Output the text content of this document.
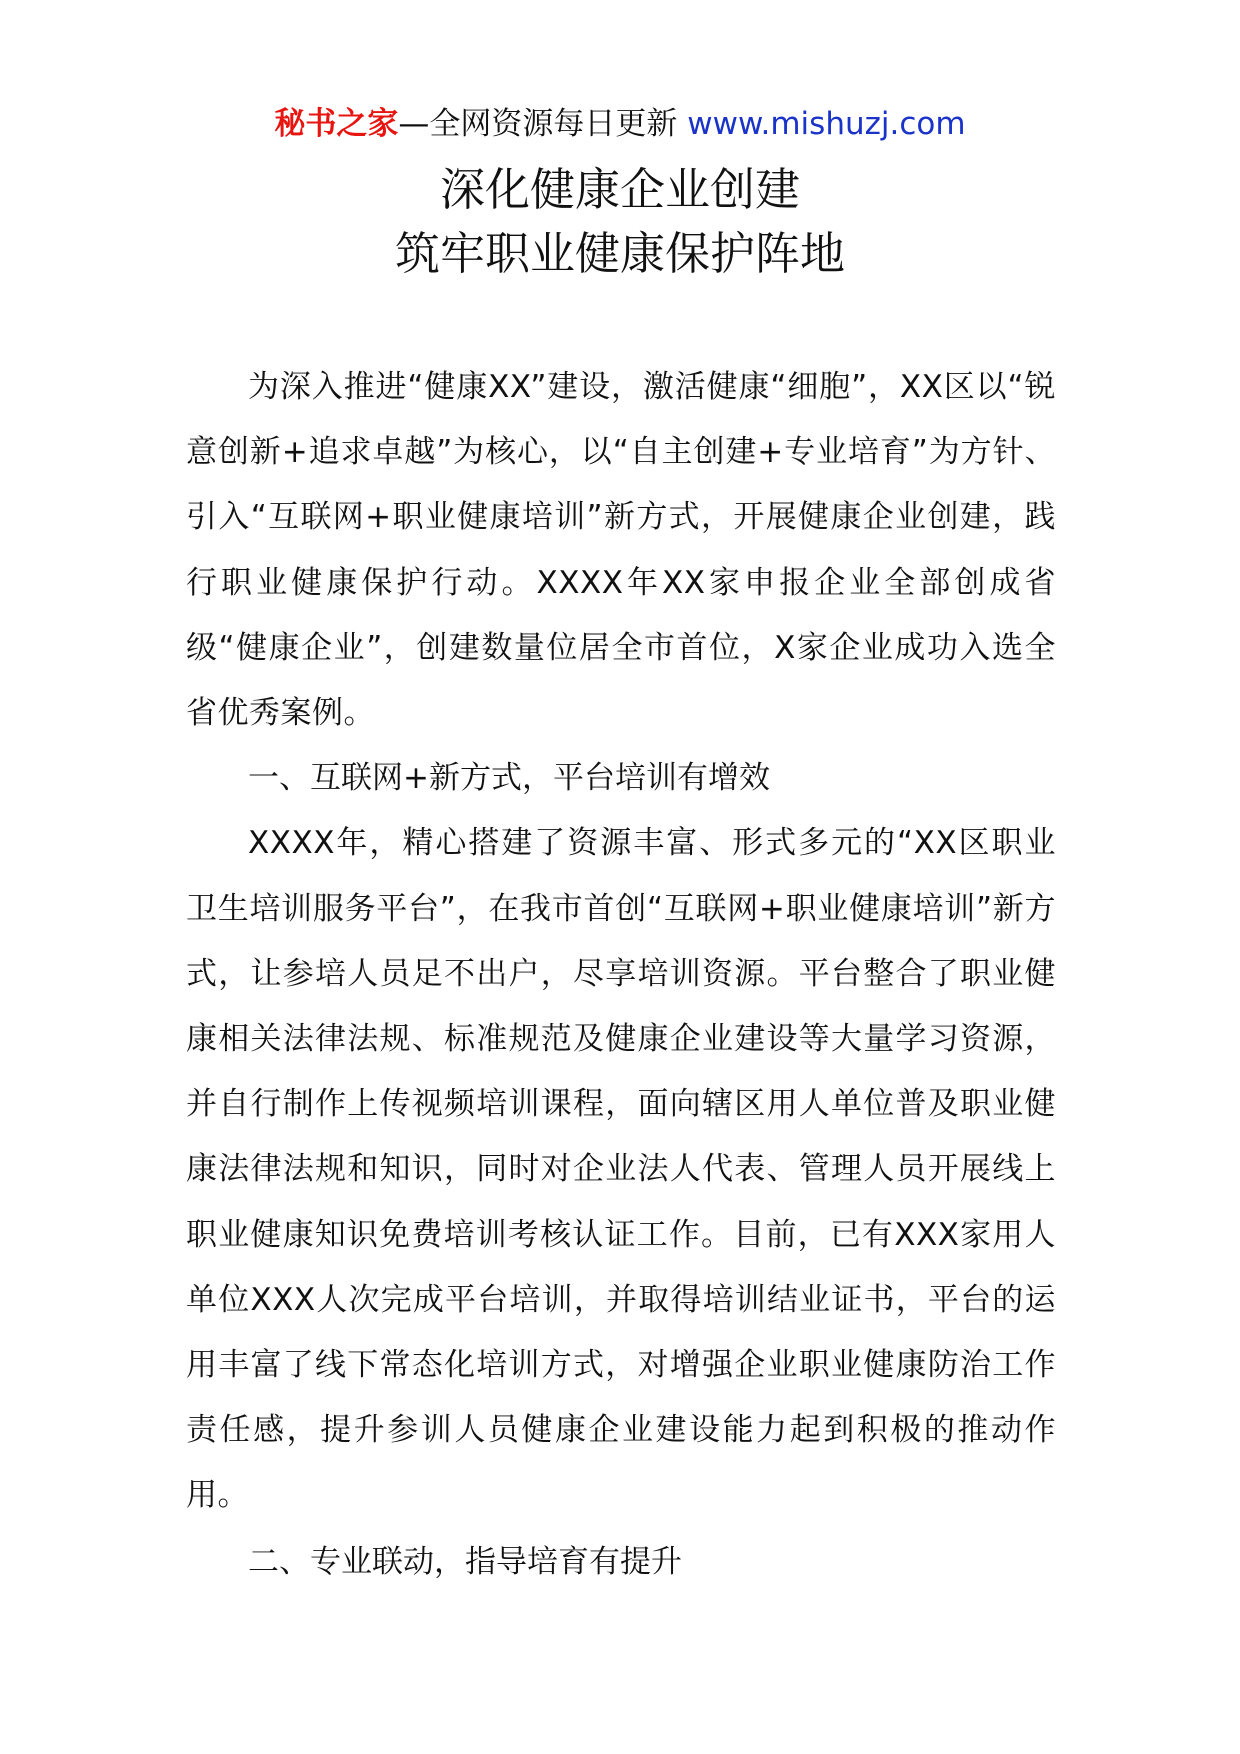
秘书之家—全网资源每日更新 www.mishuzj.com
深化健康企业创建
筑牢职业健康保护阵地

为深入推进“健康XX”建设，激活健康“细胞”，XX区以“锐意创新+追求卓越”为核心，以“自主创建+专业培育”为方针、引入“互联网+职业健康培训”新方式，开展健康企业创建，践行职业健康保护行动。XXXX年XX家申报企业全部创成省级“健康企业”，创建数量位居全市首位，X家企业成功入选全省优秀案例。

一、互联网+新方式，平台培训有增效

XXXX年，精心搭建了资源丰富、形式多元的“XX区职业卫生培训服务平台”，在我市首创“互联网+职业健康培训”新方式，让参培人员足不出户，尽享培训资源。平台整合了职业健康相关法律法规、标准规范及健康企业建设等大量学习资源，并自行制作上传视频培训课程，面向辖区用人单位普及职业健康法律法规和知识，同时对企业法人代表、管理人员开展线上职业健康知识免费培训考核认证工作。目前，已有XXX家用人单位XXX人次完成平台培训，并取得培训结业证书，平台的运用丰富了线下常态化培训方式，对增强企业职业健康防治工作责任感，提升参训人员健康企业建设能力起到积极的推动作用。

二、专业联动，指导培育有提升
